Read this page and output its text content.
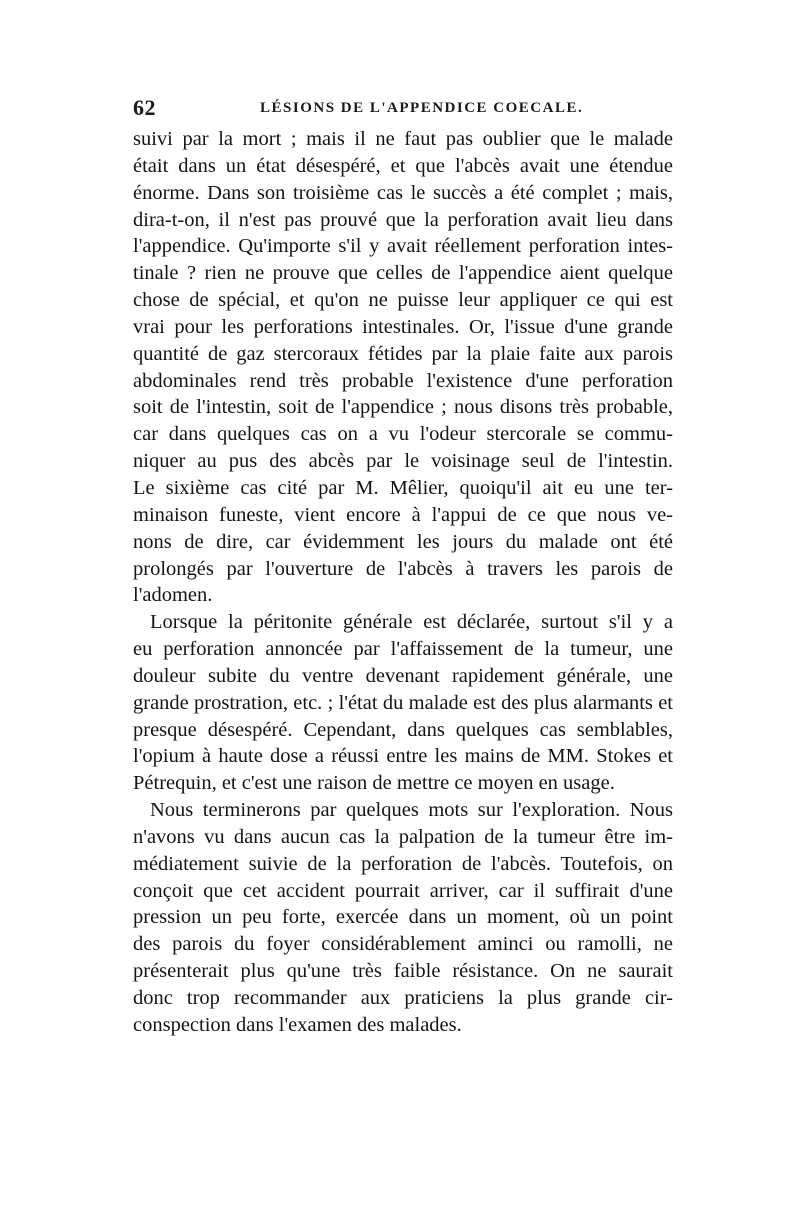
62	LÉSIONS DE L'APPENDICE COECALE.
suivi par la mort ; mais il ne faut pas oublier que le malade
était dans un état désespéré, et que l'abcès avait une étendue
énorme. Dans son troisième cas le succès a été complet ; mais,
dira-t-on, il n'est pas prouvé que la perforation avait lieu dans
l'appendice. Qu'importe s'il y avait réellement perforation intes-
tinale ? rien ne prouve que celles de l'appendice aient quelque
chose de spécial, et qu'on ne puisse leur appliquer ce qui est
vrai pour les perforations intestinales. Or, l'issue d'une grande
quantité de gaz stercoraux fétides par la plaie faite aux parois
abdominales rend très probable l'existence d'une perforation
soit de l'intestin, soit de l'appendice ; nous disons très probable,
car dans quelques cas on a vu l'odeur stercorale se commu-
niquer au pus des abcès par le voisinage seul de l'intestin.
Le sixième cas cité par M. Mêlier, quoiqu'il ait eu une ter-
minaison funeste, vient encore à l'appui de ce que nous ve-
nons de dire, car évidemment les jours du malade ont été
prolongés par l'ouverture de l'abcès à travers les parois de
l'adomen.
Lorsque la péritonite générale est déclarée, surtout s'il y a
eu perforation annoncée par l'affaissement de la tumeur, une
douleur subite du ventre devenant rapidement générale, une
grande prostration, etc. ; l'état du malade est des plus alarmants et
presque désespéré. Cependant, dans quelques cas semblables,
l'opium à haute dose a réussi entre les mains de MM. Stokes et
Pétrequin, et c'est une raison de mettre ce moyen en usage.
Nous terminerons par quelques mots sur l'exploration. Nous
n'avons vu dans aucun cas la palpation de la tumeur être im-
médiatement suivie de la perforation de l'abcès. Toutefois, on
conçoit que cet accident pourrait arriver, car il suffirait d'une
pression un peu forte, exercée dans un moment, où un point
des parois du foyer considérablement aminci ou ramolli, ne
présenterait plus qu'une très faible résistance. On ne saurait
donc trop recommander aux praticiens la plus grande cir-
conspection dans l'examen des malades.
